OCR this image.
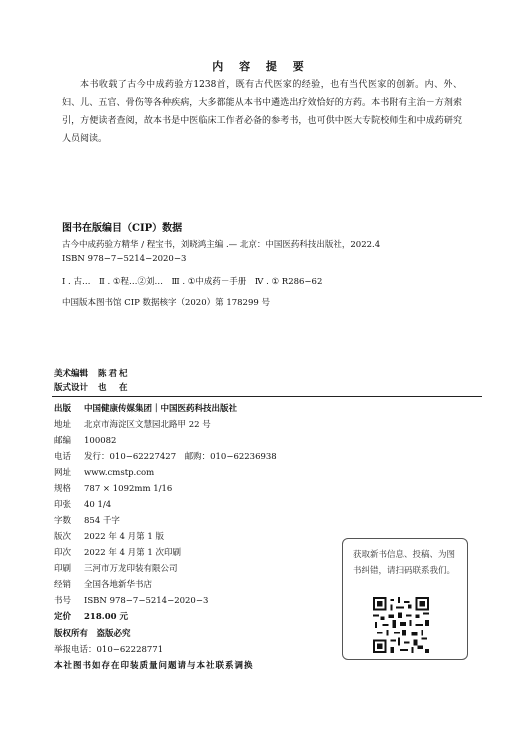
内 容 提 要
本书收载了古今中成药验方1238首，既有古代医家的经验，也有当代医家的创新。内、外、妇、儿、五官、骨伤等各种疾病，大多都能从本书中遴选出疗效恰好的方药。本书附有主治－方剂索引，方便读者查阅，故本书是中医临床工作者必备的参考书，也可供中医大专院校师生和中成药研究人员阅读。
图书在版编目（CIP）数据
古今中成药验方精华 / 程宝书，刘晓鸿主编 .— 北京：中国医药科技出版社，2022.4
ISBN 978−7−5214−2020−3
Ⅰ . 古…　Ⅱ . ①程…②刘…　Ⅲ . ①中成药－手册　Ⅳ . ① R286−62
中国版本图书馆 CIP 数据核字（2020）第 178299 号
美术编辑 陈君杞
版式设计 也　在
出版 中国健康传媒集团｜中国医药科技出版社
地址 北京市海淀区文慧园北路甲 22 号
邮编 100082
电话 发行：010−62227427　邮购：010−62236938
网址 www.cmstp.com
规格 787 × 1092mm 1/16
印张 40 1/4
字数 854 千字
版次 2022 年 4 月第 1 版
印次 2022 年 4 月第 1 次印刷
印刷 三河市万龙印装有限公司
经销 全国各地新华书店
书号 ISBN 978−7−5214−2020−3
定价 218.00 元
版权所有　盗版必究
举报电话：010−62228771
本社图书如存在印装质量问题请与本社联系调换
获取新书信息、投稿、为图书纠错，请扫码联系我们。
